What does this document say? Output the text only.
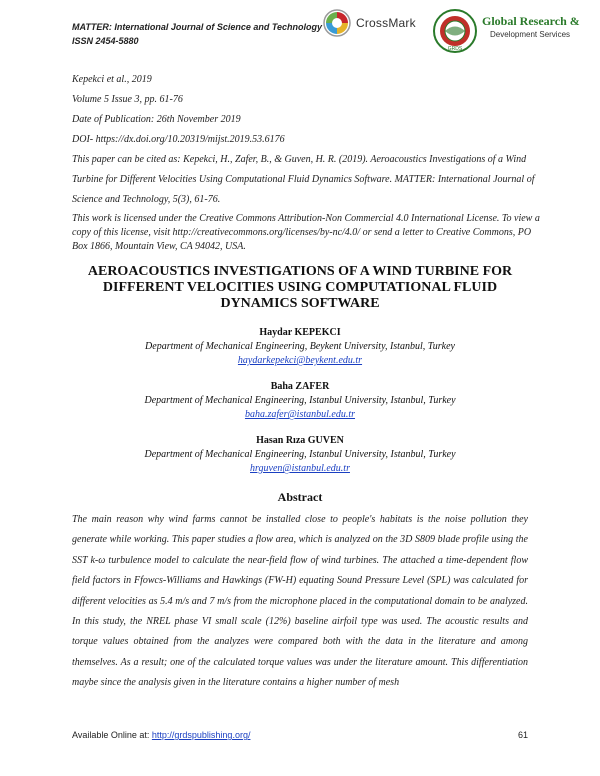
MATTER: International Journal of Science and Technology
ISSN 2454-5880
CrossMark
GRDS
Global Research &
Development Services
Kepekci et al., 2019
Volume 5 Issue 3, pp. 61-76
Date of Publication: 26th November 2019
DOI- https://dx.doi.org/10.20319/mijst.2019.53.6176
This paper can be cited as: Kepekci, H., Zafer, B., & Guven, H. R. (2019). Aeroacoustics Investigations of a Wind Turbine for Different Velocities Using Computational Fluid Dynamics Software. MATTER: International Journal of Science and Technology, 5(3), 61-76.
This work is licensed under the Creative Commons Attribution-Non Commercial 4.0 International License. To view a copy of this license, visit http://creativecommons.org/licenses/by-nc/4.0/ or send a letter to Creative Commons, PO Box 1866, Mountain View, CA 94042, USA.
AEROACOUSTICS INVESTIGATIONS OF A WIND TURBINE FOR DIFFERENT VELOCITIES USING COMPUTATIONAL FLUID DYNAMICS SOFTWARE
Haydar KEPEKCI
Department of Mechanical Engineering, Beykent University, Istanbul, Turkey
haydarkepekci@beykent.edu.tr
Baha ZAFER
Department of Mechanical Engineering, Istanbul University, Istanbul, Turkey
baha.zafer@istanbul.edu.tr
Hasan Rıza GUVEN
Department of Mechanical Engineering, Istanbul University, Istanbul, Turkey
hrguven@istanbul.edu.tr
Abstract
The main reason why wind farms cannot be installed close to people's habitats is the noise pollution they generate while working. This paper studies a flow area, which is analyzed on the 3D S809 blade profile using the SST k-ω turbulence model to calculate the near-field flow of wind turbines. The attached a time-dependent flow field factors in Ffowcs-Williams and Hawkings (FW-H) equating Sound Pressure Level (SPL) was calculated for different velocities as 5.4 m/s and 7 m/s from the microphone placed in the computational domain to be analyzed. In this study, the NREL phase VI small scale (12%) baseline airfoil type was used. The acoustic results and torque values obtained from the analyzes were compared both with the data in the literature and among themselves. As a result; one of the calculated torque values was under the literature amount. This differentiation maybe since the analysis given in the literature contains a higher number of mesh
Available Online at: http://grdspublishing.org/	61
